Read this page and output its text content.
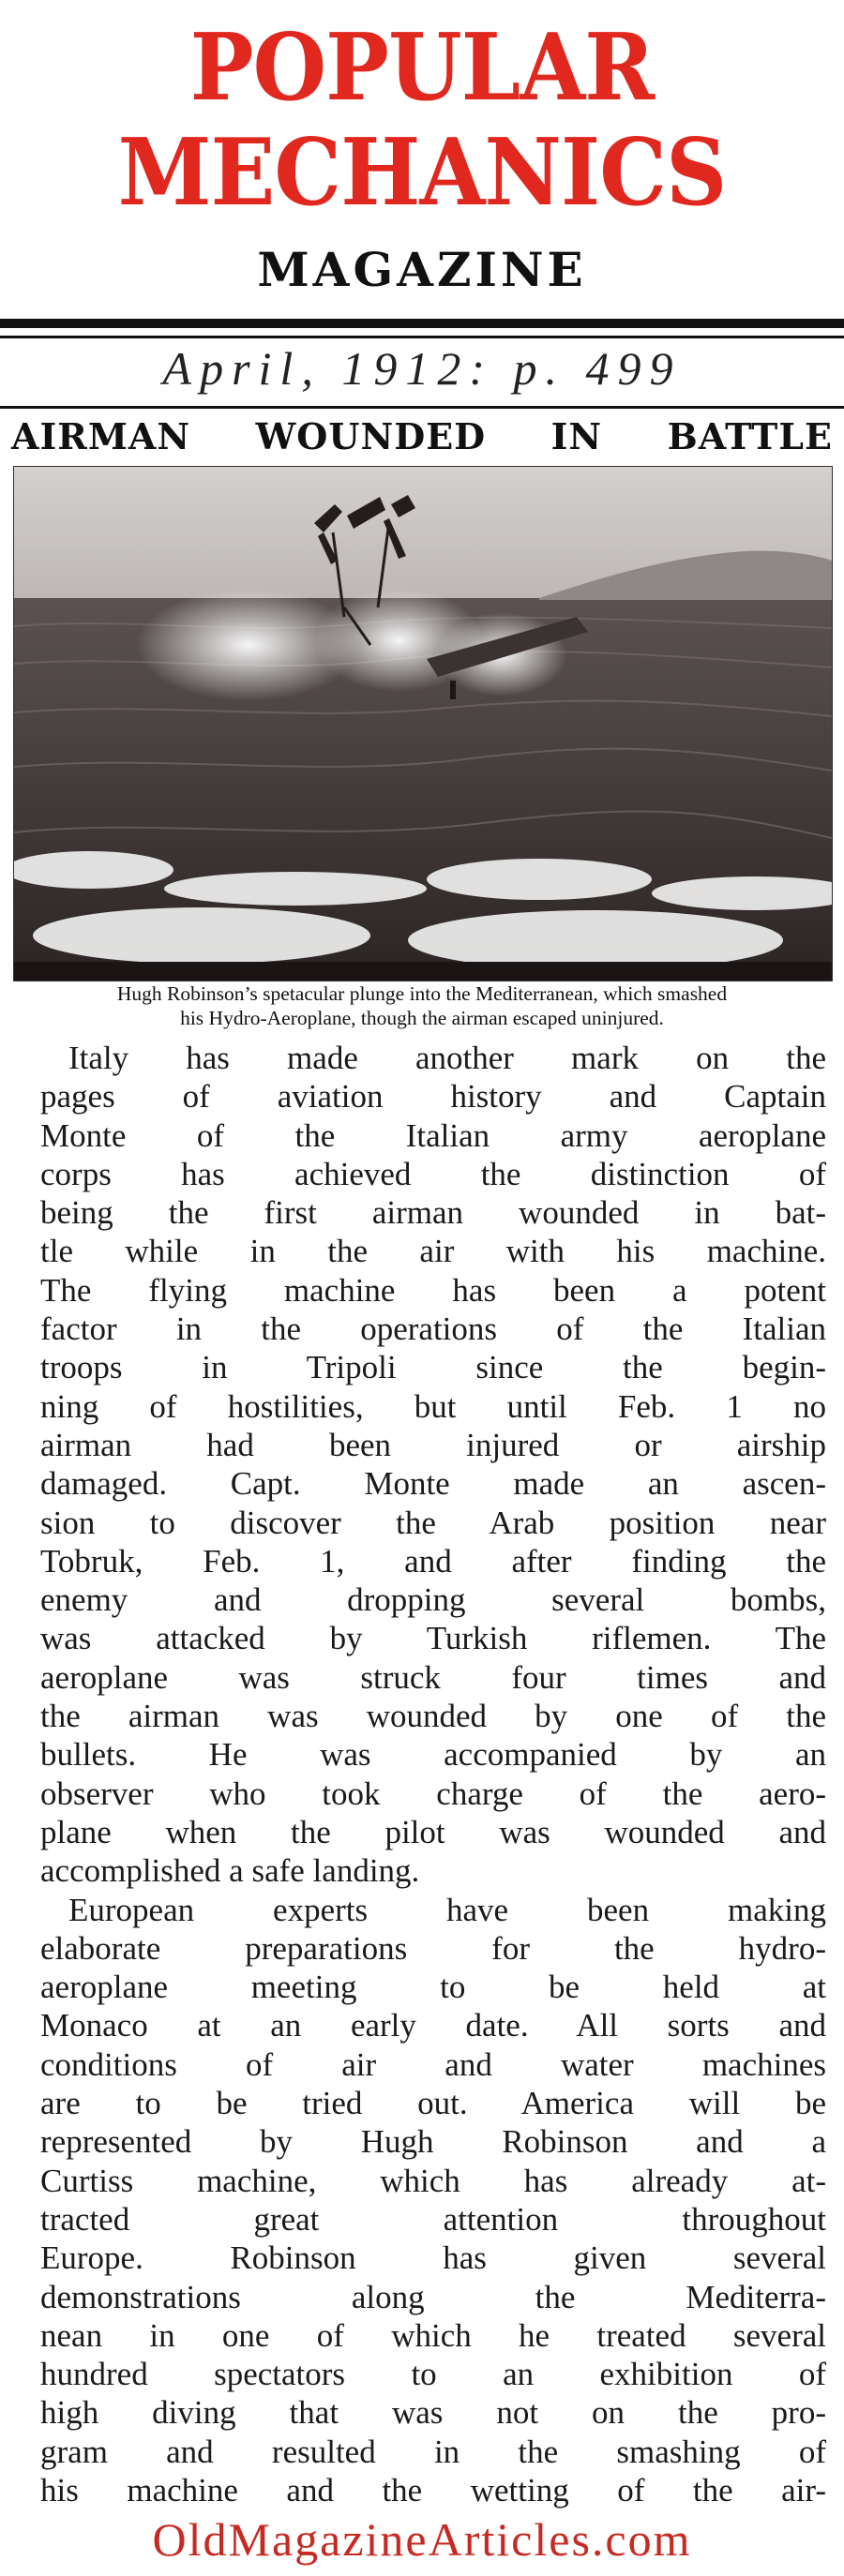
POPULAR
MECHANICS
MAGAZINE
April, 1912: p. 499
AIRMAN WOUNDED IN BATTLE
Hugh Robinson’s spetacular plunge into the Mediterranean, which smashed
his Hydro-Aeroplane, though the airman escaped uninjured.
Italy has made another mark on the
pages of aviation history and Captain
Monte of the Italian army aeroplane
corps has achieved the distinction of
being the first airman wounded in bat-
tle while in the air with his machine.
The flying machine has been a potent
factor in the operations of the Italian
troops in Tripoli since the begin-
ning of hostilities, but until Feb. 1 no
airman had been injured or airship
damaged. Capt. Monte made an ascen-
sion to discover the Arab position near
Tobruk, Feb. 1, and after finding the
enemy and dropping several bombs,
was attacked by Turkish riflemen. The
aeroplane was struck four times and
the airman was wounded by one of the
bullets. He was accompanied by an
observer who took charge of the aero-
plane when the pilot was wounded and
accomplished a safe landing.
European experts have been making
elaborate preparations for the hydro-
aeroplane meeting to be held at
Monaco at an early date. All sorts and
conditions of air and water machines
are to be tried out. America will be
represented by Hugh Robinson and a
Curtiss machine, which has already at-
tracted great attention throughout
Europe. Robinson has given several
demonstrations along the Mediterra-
nean in one of which he treated several
hundred spectators to an exhibition of
high diving that was not on the pro-
gram and resulted in the smashing of
his machine and the wetting of the air-
OldMagazineArticles.com
